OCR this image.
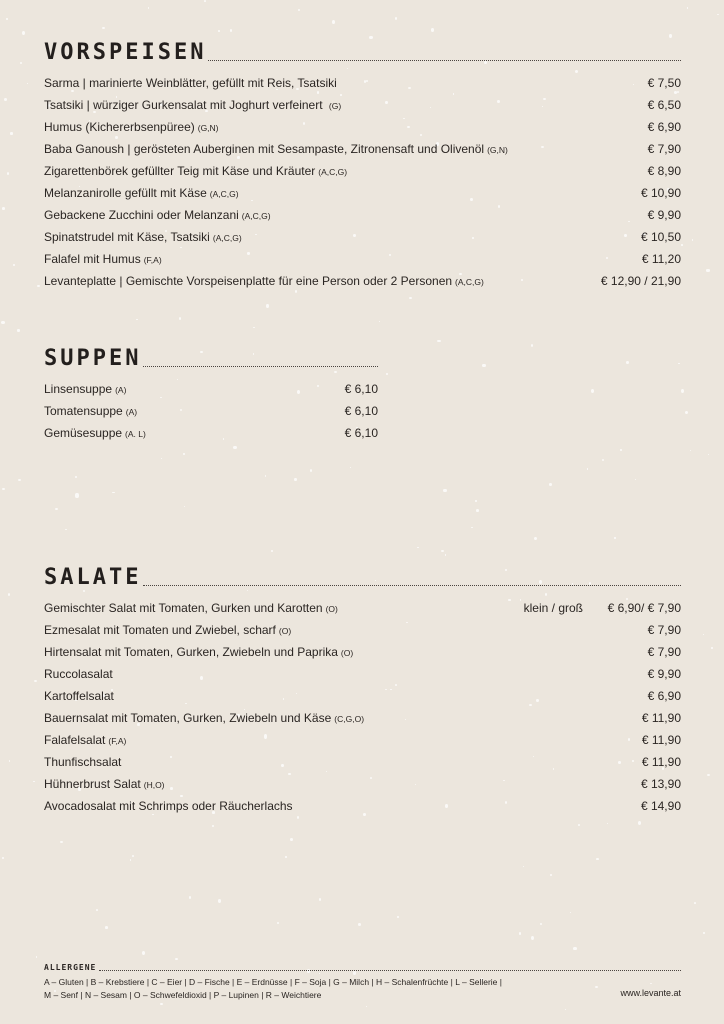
VORSPEISEN
Sarma | marinierte Weinblätter, gefüllt mit Reis, Tsatsiki	€ 7,50
Tsatsiki | würziger Gurkensalat mit Joghurt verfeinert (G)	€ 6,50
Humus (Kichererbsenpüree) (G,N)	€ 6,90
Baba Ganoush | gerösteten Auberginen mit Sesampaste, Zitronensaft und Olivenöl (G,N)	€ 7,90
Zigarettenbörek gefüllter Teig mit Käse und Kräuter (A,C,G)	€ 8,90
Melanzanirolle gefüllt mit Käse (A,C,G)	€ 10,90
Gebackene Zucchini oder Melanzani (A,C,G)	€ 9,90
Spinatstrudel mit Käse, Tsatsiki (A,C,G)	€ 10,50
Falafel mit Humus (F,A)	€ 11,20
Levanteplatte | Gemischte Vorspeisenplatte für eine Person oder 2 Personen (A,C,G)	€ 12,90 / 21,90
SUPPEN
Linsensuppe (A)	€ 6,10
Tomatensuppe (A)	€ 6,10
Gemüsesuppe (A. L)	€ 6,10
SALATE
Gemischter Salat mit Tomaten, Gurken und Karotten (O)	klein / groß € 6,90/ € 7,90
Ezmesalat mit Tomaten und Zwiebel, scharf (O)	€ 7,90
Hirtensalat mit Tomaten, Gurken, Zwiebeln und Paprika (O)	€ 7,90
Ruccolasalat	€ 9,90
Kartoffelsalat	€ 6,90
Bauernsalat mit Tomaten, Gurken, Zwiebeln und Käse (C,G,O)	€ 11,90
Falafelsalat (F,A)	€ 11,90
Thunfischsalat	€ 11,90
Hühnerbrust Salat (H,O)	€ 13,90
Avocadosalat mit Schrimps oder Räucherlachs	€ 14,90
ALLERGENE
A – Gluten | B – Krebstiere | C – Eier | D – Fische | E – Erdnüsse | F – Soja | G – Milch | H – Schalenfrüchte | L – Sellerie |
M – Senf | N – Sesam | O – Schwefeldioxid | P – Lupinen | R – Weichtiere	www.levante.at
